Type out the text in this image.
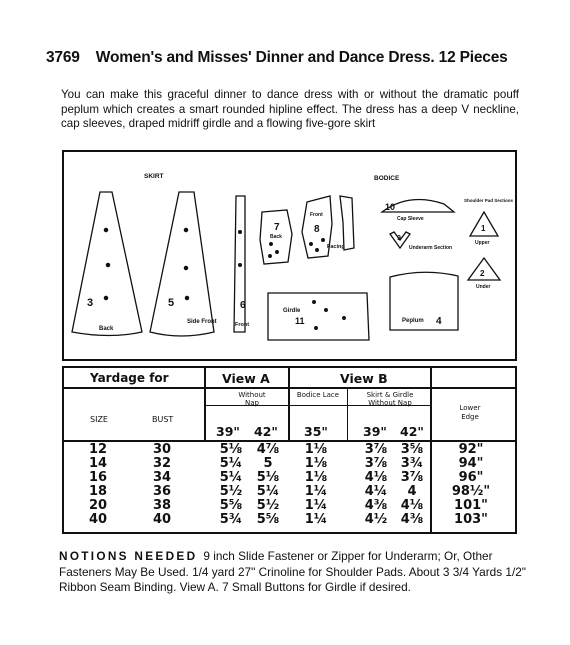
3769 Women's and Misses' Dinner and Dance Dress. 12 Pieces
You can make this graceful dinner to dance dress with or without the dramatic pouff peplum which creates a smart rounded hipline effect. The dress has a deep V neckline, cap sleeves, draped midriff girdle and a flowing five-gore skirt
SKIRT	BODICE
3
Back
5
Side Front
6
Front
7
Back
Front
8
Facing
Girdle
11
10
Cap Sleeve
9
Underarm Section
Peplum 4
Shoulder Pad Sections
1
Upper
2
Under
Yardage for	View A	View B
Without Nap
Bodice Lace	Skirt & Girdle Without Nap
Lower Edge
SIZE	BUST
39" 42" 35"	39" 42"
12	30	5⅛	4⅞	1⅛	3⅞	3⅝	92"
14	32	5¼	5	1⅛	3⅞	3¾	94"
16	34	5¼	5⅛	1⅛	4⅛	3⅞	96"
18	36	5½	5¼	1¼	4¼	4	98½"
20	38	5⅝	5½	1¼	4⅜	4⅛	101"
40	40	5¾	5⅝	1¼	4½	4⅜	103"
NOTIONS NEEDED 9 inch Slide Fastener or Zipper for Underarm; Or, Other Fasteners May Be Used. 1/4 yard 27" Crinoline for Shoulder Pads. About 3 3/4 Yards 1/2" Ribbon Seam Binding. View A. 7 Small Buttons for Girdle if desired.
